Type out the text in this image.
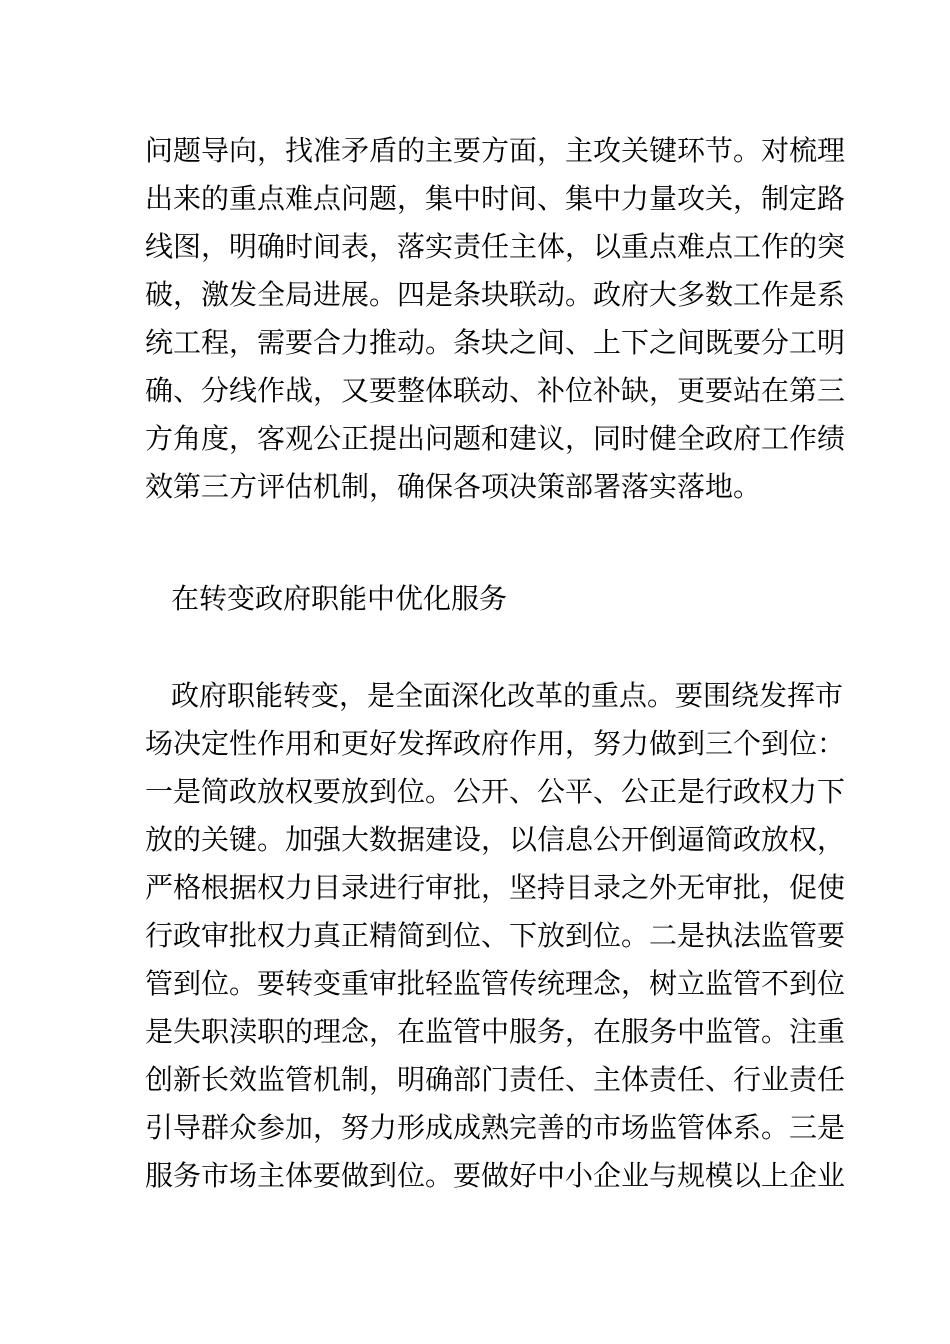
问题导向，找准矛盾的主要方面，主攻关键环节。对梳理
出来的重点难点问题，集中时间、集中力量攻关，制定路
线图，明确时间表，落实责任主体，以重点难点工作的突
破，激发全局进展。四是条块联动。政府大多数工作是系
统工程，需要合力推动。条块之间、上下之间既要分工明
确、分线作战，又要整体联动、补位补缺，更要站在第三
方角度，客观公正提出问题和建议，同时健全政府工作绩
效第三方评估机制，确保各项决策部署落实落地。
在转变政府职能中优化服务
政府职能转变，是全面深化改革的重点。要围绕发挥市
场决定性作用和更好发挥政府作用，努力做到三个到位：
一是简政放权要放到位。公开、公平、公正是行政权力下
放的关键。加强大数据建设，以信息公开倒逼简政放权，
严格根据权力目录进行审批，坚持目录之外无审批，促使
行政审批权力真正精简到位、下放到位。二是执法监管要
管到位。要转变重审批轻监管传统理念，树立监管不到位
是失职渎职的理念，在监管中服务，在服务中监管。注重
创新长效监管机制，明确部门责任、主体责任、行业责任
引导群众参加，努力形成成熟完善的市场监管体系。三是
服务市场主体要做到位。要做好中小企业与规模以上企业
